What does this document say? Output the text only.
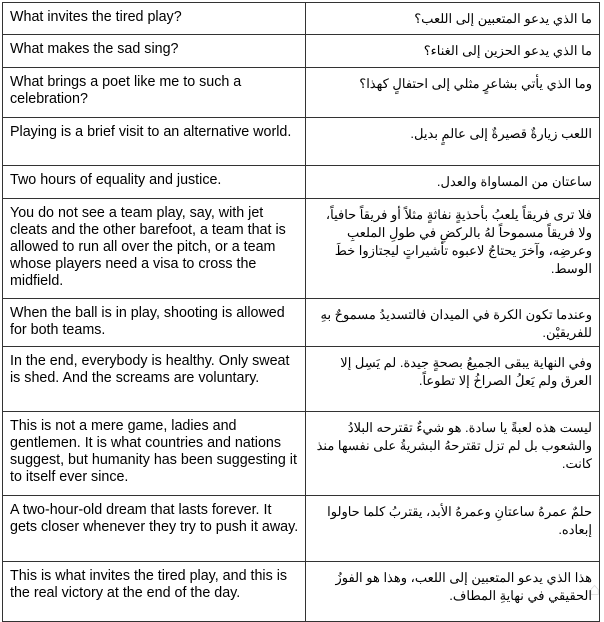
What invites the tired play?	ما الذي يدعو المتعبين إلى اللعب؟
What makes the sad sing?	ما الذي يدعو الحزين إلى الغناء؟
What brings a poet like me to such a celebration?	وما الذي يأتي بشاعرٍ مثلي إلى احتفالٍ كهذا؟
Playing is a brief visit to an alternative world.	اللعب زيارةٌ قصيرةٌ إلى عالمٍ بديل.
Two hours of equality and justice.	ساعتان من المساواة والعدل.
You do not see a team play, say, with jet cleats and the other barefoot, a team that is allowed to run all over the pitch, or a team whose players need a visa to cross the midfield.	فلا ترى فريقاً يلعبُ بأحذيةٍ نفاثةٍ مثلاً أو فريقاً حافياً، ولا فريقاً مسموحاً لهُ بالركضِ في طولِ الملعبِ وعرضِه، وآخرَ يحتاجُ لاعبوه تأشيراتٍ ليجتازوا خطَ الوسط.
When the ball is in play, shooting is allowed for both teams.	وعندما تكون الكرة في الميدان فالتسديدُ مسموحٌ بهِ للفريقيْن.
In the end, everybody is healthy. Only sweat is shed. And the screams are voluntary.	وفي النهاية يبقى الجميعُ بصحةٍ جيدة. لم يَسِل إلا العرق ولم يَعلُ الصراخُ إلا تطوعاً.
This is not a mere game, ladies and gentlemen. It is what countries and nations suggest, but humanity has been suggesting it to itself ever since.	ليست هذه لعبةً يا سادة. هو شيءٌ تقترحه البلادُ والشعوب بل لم تزل تقترحهُ البشريةُ على نفسها منذ كانت.
A two-hour-old dream that lasts forever. It gets closer whenever they try to push it away.	حلمٌ عمرهُ ساعتانِ وعمرهُ الأبد، يقتربُ كلما حاولوا إبعاده.
This is what invites the tired play, and this is the real victory at the end of the day.	هذا الذي يدعو المتعبين إلى اللعب، وهذا هو الفوزُ الحقيقي في نهايةِ المطاف.
⌂
